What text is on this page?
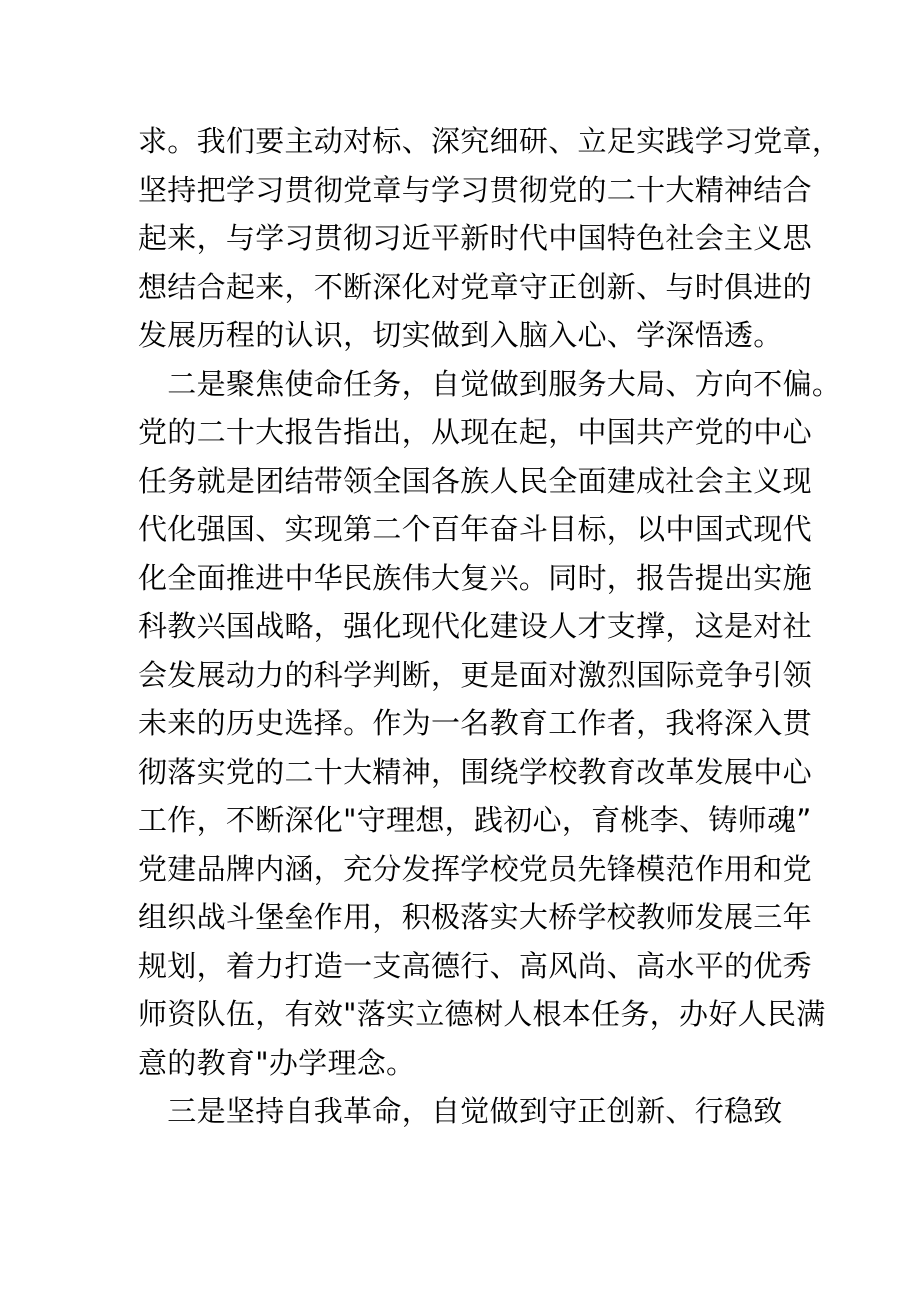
求。我们要主动对标、深究细研、立足实践学习党章，
坚持把学习贯彻党章与学习贯彻党的二十大精神结合
起来，与学习贯彻习近平新时代中国特色社会主义思
想结合起来，不断深化对党章守正创新、与时俱进的
发展历程的认识，切实做到入脑入心、学深悟透。
　二是聚焦使命任务，自觉做到服务大局、方向不偏。
党的二十大报告指出，从现在起，中国共产党的中心
任务就是团结带领全国各族人民全面建成社会主义现
代化强国、实现第二个百年奋斗目标，以中国式现代
化全面推进中华民族伟大复兴。同时，报告提出实施
科教兴国战略，强化现代化建设人才支撑，这是对社
会发展动力的科学判断，更是面对激烈国际竞争引领
未来的历史选择。作为一名教育工作者，我将深入贯
彻落实党的二十大精神，围绕学校教育改革发展中心
工作，不断深化"守理想，践初心，育桃李、铸师魂”
党建品牌内涵，充分发挥学校党员先锋模范作用和党
组织战斗堡垒作用，积极落实大桥学校教师发展三年
规划，着力打造一支高德行、高风尚、高水平的优秀
师资队伍，有效"落实立德树人根本任务，办好人民满
意的教育"办学理念。
　三是坚持自我革命，自觉做到守正创新、行稳致
